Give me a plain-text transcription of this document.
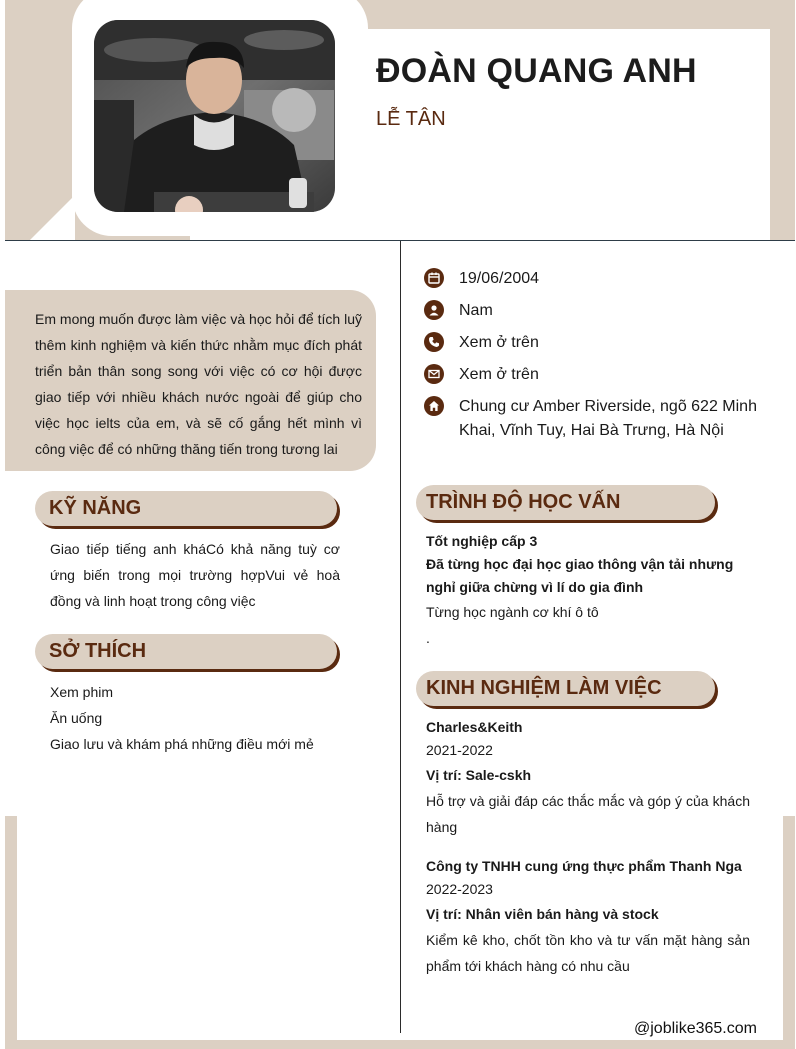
ĐOÀN QUANG ANH
LỄ TÂN

Em mong muốn được làm việc và học hỏi để tích luỹ thêm kinh nghiệm và kiến thức nhằm mục đích phát triển bản thân song song với việc có cơ hội được giao tiếp với nhiều khách nước ngoài để giúp cho việc học ielts của em, và sẽ cố gắng hết mình vì công việc để có những thăng tiến trong tương lai

KỸ NĂNG
Giao tiếp tiếng anh kháCó khả năng tuỳ cơ ứng biến trong mọi trường hợpVui vẻ hoà đồng và linh hoạt trong công việc
SỞ THÍCH
Xem phim
Ăn uống
Giao lưu và khám phá những điều mới mẻ
19/06/2004
Nam
Xem ở trên
Xem ở trên
Chung cư Amber Riverside, ngõ 622 Minh Khai, Vĩnh Tuy, Hai Bà Trưng, Hà Nội
TRÌNH ĐỘ HỌC VẤN
Tốt nghiệp cấp 3
Đã từng học đại học giao thông vận tải nhưng nghỉ giữa chừng vì lí do gia đình
Từng học ngành cơ khí ô tô
.
KINH NGHIỆM LÀM VIỆC
Charles&Keith
2021-2022
Vị trí: Sale-cskh
Hỗ trợ và giải đáp các thắc mắc và góp ý của khách hàng
Công ty TNHH cung ứng thực phẩm Thanh Nga
2022-2023
Vị trí: Nhân viên bán hàng và stock
Kiểm kê kho, chốt tồn kho và tư vấn mặt hàng sản phẩm tới khách hàng có nhu cầu
@joblike365.com
